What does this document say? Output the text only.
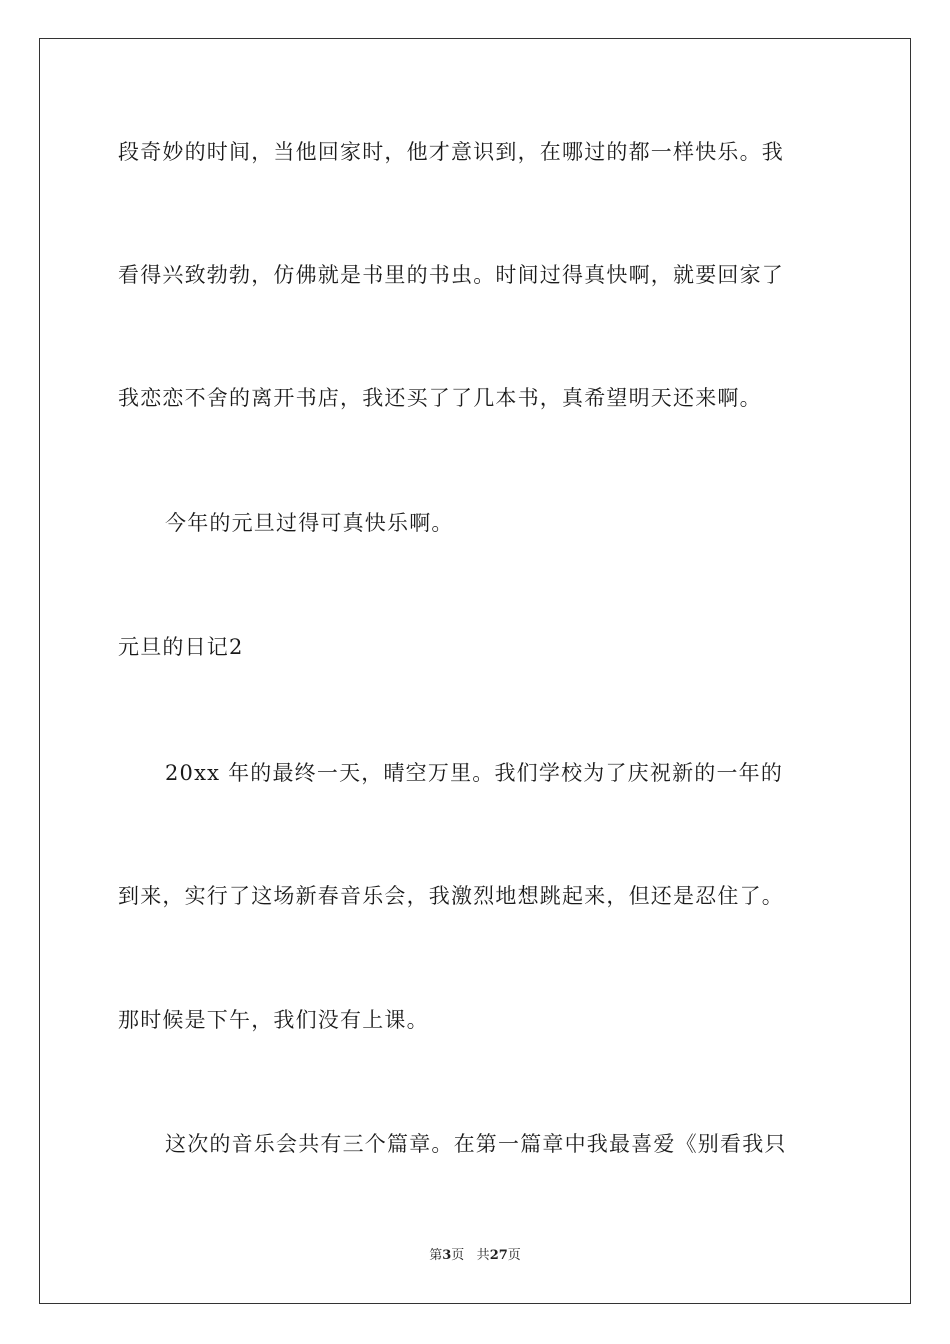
段奇妙的时间，当他回家时，他才意识到，在哪过的都一样快乐。我
看得兴致勃勃，仿佛就是书里的书虫。时间过得真快啊，就要回家了
我恋恋不舍的离开书店，我还买了了几本书，真希望明天还来啊。
今年的元旦过得可真快乐啊。
元旦的日记2
20xx 年的最终一天，晴空万里。我们学校为了庆祝新的一年的
到来，实行了这场新春音乐会，我激烈地想跳起来，但还是忍住了。
那时候是下午，我们没有上课。
这次的音乐会共有三个篇章。在第一篇章中我最喜爱《别看我只
第3页 共27页
